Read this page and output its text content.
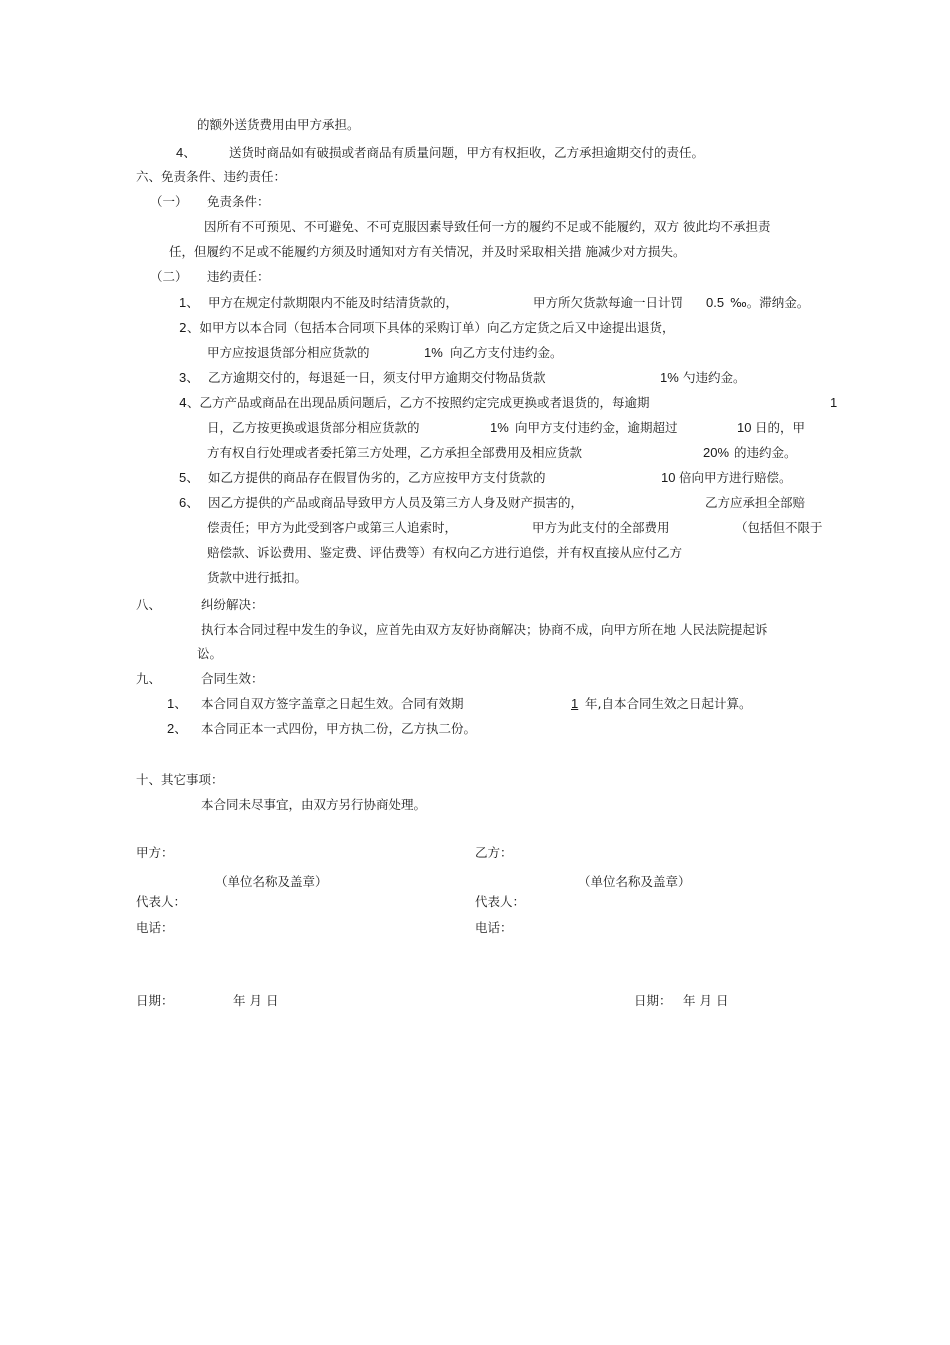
的额外送货费用由甲方承担。
4、	送货时商品如有破损或者商品有质量问题，甲方有权拒收，乙方承担逾期交付的责任。
六、免责条件、违约责任：
（一） 免责条件：
因所有不可预见、不可避免、不可克服因素导致任何一方的履约不足或不能履约，双方 彼此均不承担责
任，但履约不足或不能履约方须及时通知对方有关情况，并及时采取相关措 施减少对方损失。
（二） 违约责任：
1、 甲方在规定付款期限内不能及时结清货款的，	甲方所欠货款每逾一日计罚 0.5 ‰。滞纳金。
2、如甲方以本合同（包括本合同项下具体的采购订单）向乙方定货之后又中途提出退货，
甲方应按退货部分相应货款的	1% 向乙方支付违约金。
3、 乙方逾期交付的，每退延一日，须支付甲方逾期交付物品货款	1% 勺违约金。
4、乙方产品或商品在出现品质问题后，乙方不按照约定完成更换或者退货的，每逾期	1
日，乙方按更换或退货部分相应货款的	1% 向甲方支付违约金，逾期超过	10 日的，甲
方有权自行处理或者委托第三方处理，乙方承担全部费用及相应货款	20% 的违约金。
5、 如乙方提供的商品存在假冒伪劣的，乙方应按甲方支付货款的	10 倍向甲方进行赔偿。
6、 因乙方提供的产品或商品导致甲方人员及第三方人身及财产损害的，	乙方应承担全部赔
偿责任；甲方为此受到客户或第三人追索时，	甲方为此支付的全部费用	（包括但不限于
赔偿款、诉讼费用、鉴定费、评估费等）有权向乙方进行追偿，并有权直接从应付乙方
货款中进行抵扣。
八、	纠纷解决：
执行本合同过程中发生的争议，应首先由双方友好协商解决；协商不成，向甲方所在地 人民法院提起诉
讼。
九、	合同生效：
1、 本合同自双方签字盖章之日起生效。合同有效期	1 年,自本合同生效之日起计算。
2、 本合同正本一式四份，甲方执二份，乙方执二份。
十、其它事项：
本合同未尽事宜，由双方另行协商处理。
甲方：	乙方：
（单位名称及盖章）	（单位名称及盖章）
代表人：	代表人：
电话：	电话：
日期：	年 月 日	日期： 年 月 日
